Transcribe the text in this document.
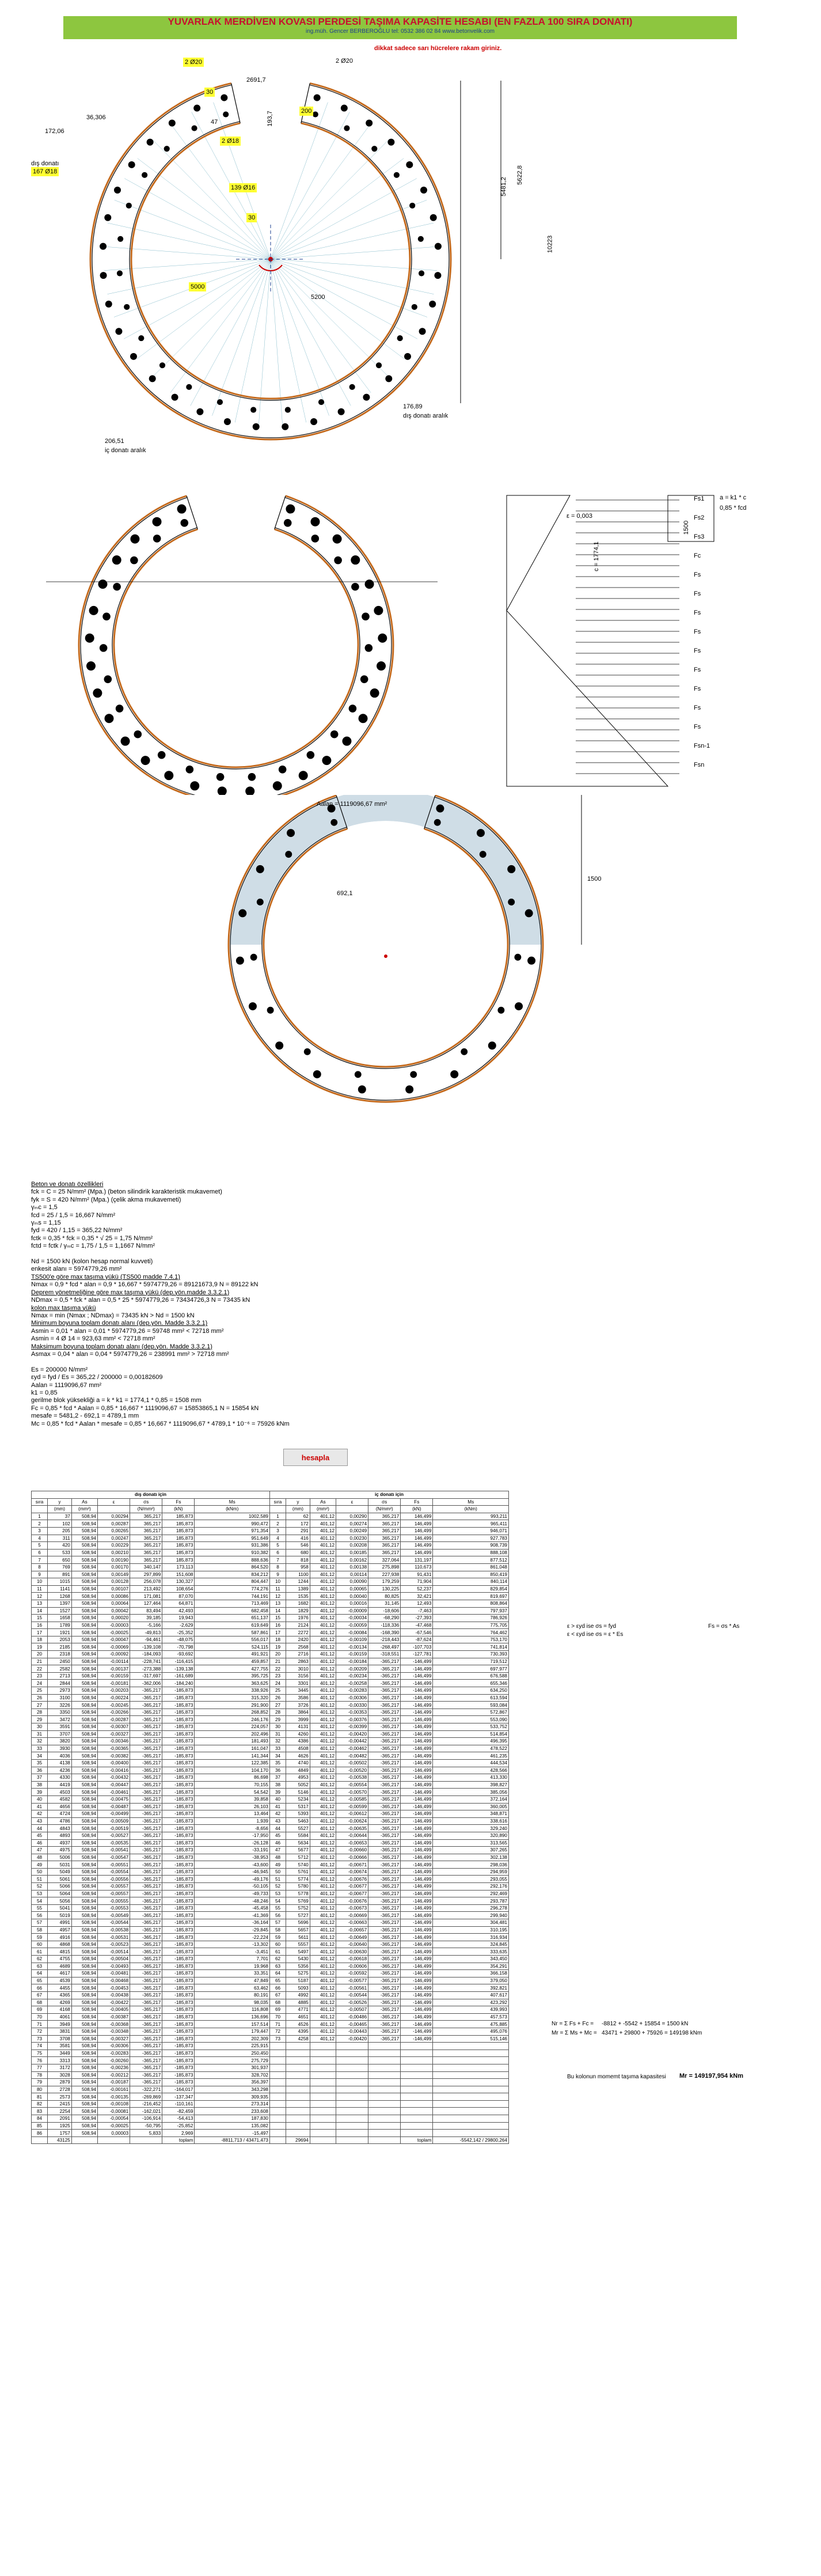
YUVARLAK MERDİVEN KOVASI PERDESİ TAŞIMA KAPASİTE HESABI (EN FAZLA 100 SIRA DONATI)
ing.müh. Gencer BERBEROĞLU tel: 0532 386 02 84 www.betonvelik.com
dikkat sadece sarı hücrelere rakam giriniz.
2 Ø20
30
200
2 Ø18
139 Ø16
30
5000
167 Ø18
2 Ø20
2691,7
36,306
47
172,06
dış donatı
193,7
5481,2
5622,8
10223
5200
176,89
dış donatı aralık
206,51
iç donatı aralık
a = k1 * c
0,85 * fcd
ε = 0,003
c = 1774,1
1500
Fs1
Fs2
Fs3
Fc
Fs
Fs
Fs
Fs
Fs
Fs
Fs
Fs
Fs
Fsn-1
Fsn
Aalan = 1119096,67 mm²
692,1
1500
Beton ve donatı özellikleri
fck = C = 25 N/mm² (Mpa.) (beton silindirik karakteristik mukavemet)
fyk = S = 420 N/mm² (Mpa.) (çelik akma mukavemeti)
γₘc = 1,5
fcd = 25 / 1,5 = 16,667 N/mm²
γₘs = 1,15
fyd = 420 / 1,15 = 365,22 N/mm²
fctk = 0,35 * fck = 0,35 * √ 25 = 1,75 N/mm²
fctd = fctk / γₘc = 1,75 / 1,5 = 1,1667 N/mm²

Nd = 1500 kN (kolon hesap normal kuvveti)
enkesit alanı = 5974779,26 mm²
TS500'e göre max taşıma yükü (TS500 madde 7.4.1)
Nmax = 0,9 * fcd * alan = 0,9 * 16,667 * 5974779,26 = 89121673,9 N = 89122 kN
Deprem yönetmeliğine göre max taşıma yükü (dep.yön.madde 3.3.2.1)
NDmax = 0,5 * fck * alan = 0,5 * 25 * 5974779,26 = 73434726,3 N = 73435 kN
kolon max taşıma yükü
Nmax = min (Nmax ; NDmax) = 73435 kN > Nd = 1500 kN
Minimum boyuna toplam donatı alanı (dep.yön. Madde 3.3.2.1)
Asmin = 0,01 * alan = 0,01 * 5974779,26 = 59748 mm² < 72718 mm²
Asmin = 4 Ø 14 = 923,63 mm² < 72718 mm²
Maksimum boyuna toplam donatı alanı (dep.yön. Madde 3.3.2.1)
Asmax = 0,04 * alan = 0,04 * 5974779,26 = 238991 mm² > 72718 mm²

Es = 200000 N/mm²
εyd = fyd / Es = 365,22 / 200000 = 0,00182609
Aalan = 1119096,67 mm²
k1 = 0,85
gerilme blok yüksekliği a = k * k1 = 1774,1 * 0,85 = 1508 mm
Fc = 0,85 * fcd * Aalan = 0,85 * 16,667 * 1119096,67 = 15853865,1 N = 15854 kN
mesafe = 5481,2 - 692,1 = 4789,1 mm
Mc = 0,85 * fcd * Aalan * mesafe = 0,85 * 16,667 * 1119096,67 * 4789,1 * 10⁻⁶ = 75926 kNm
hesapla
dış donatı için							iç donatı için						
sıra	y	As	ε	σs	Fs	Ms	sıra	y	As	ε	σs	Fs	Ms
	(mm)	(mm²)		(N/mm²)	(kN)	(kNm)		(mm)	(mm²)		(N/mm²)	(kN)	(kNm)
1	37	508,94	0,00294	365,217	185,873	1002,589	1	62	401,12	0,00290	365,217	146,499	993,211
2	102	508,94	0,00287	365,217	185,873	990,472	2	172	401,12	0,00274	365,217	146,499	965,411
3	205	508,94	0,00265	365,217	185,873	971,354	3	291	401,12	0,00249	365,217	146,499	946,071
4	311	508,94	0,00247	365,217	185,873	951,649	4	416	401,12	0,00230	365,217	146,499	927,783
5	420	508,94	0,00229	365,217	185,873	931,386	5	546	401,12	0,00208	365,217	146,499	908,739
6	533	508,94	0,00210	365,217	185,873	910,382	6	680	401,12	0,00185	365,217	146,499	888,108
7	650	508,94	0,00190	365,217	185,873	888,636	7	818	401,12	0,00162	327,064	131,197	877,512
8	769	508,94	0,00170	340,147	173,113	864,520	8	958	401,12	0,00138	275,898	110,673	861,048
9	891	508,94	0,00149	297,899	151,608	834,212	9	1100	401,12	0,00114	227,938	91,431	850,419
10	1015	508,94	0,00128	256,078	130,327	804,447	10	1244	401,12	0,00090	179,259	71,904	840,114
11	1141	508,94	0,00107	213,492	108,654	774,276	11	1389	401,12	0,00065	130,225	52,237	829,854
12	1268	508,94	0,00086	171,081	87,070	744,191	12	1535	401,12	0,00040	80,825	32,421	819,697
13	1397	508,94	0,00064	127,464	64,871	713,469	13	1682	401,12	0,00016	31,145	12,493	808,864
14	1527	508,94	0,00042	83,494	42,493	682,458	14	1829	401,12	-0,00009	-18,606	-7,463	797,937
15	1658	508,94	0,00020	39,185	19,943	651,137	15	1976	401,12	-0,00034	-68,290	-27,393	786,926
16	1789	508,94	-0,00003	-5,166	-2,629	619,649	16	2124	401,12	-0,00059	-118,336	-47,468	775,705
17	1921	508,94	-0,00025	-49,813	-25,352	587,861	17	2272	401,12	-0,00084	-168,390	-67,546	764,462
18	2053	508,94	-0,00047	-94,461	-48,075	556,017	18	2420	401,12	-0,00109	-218,443	-87,624	753,170
19	2185	508,94	-0,00069	-139,108	-70,798	524,115	19	2568	401,12	-0,00134	-268,497	-107,703	741,814
20	2318	508,94	-0,00092	-184,093	-93,692	491,921	20	2716	401,12	-0,00159	-318,551	-127,781	730,393
21	2450	508,94	-0,00114	-228,741	-116,415	459,857	21	2863	401,12	-0,00184	-365,217	-146,499	719,512
22	2582	508,94	-0,00137	-273,388	-139,138	427,755	22	3010	401,12	-0,00209	-365,217	-146,499	697,977
23	2713	508,94	-0,00159	-317,697	-161,689	395,725	23	3156	401,12	-0,00234	-365,217	-146,499	676,588
24	2844	508,94	-0,00181	-362,006	-184,240	363,625	24	3301	401,12	-0,00258	-365,217	-146,499	655,346
25	2973	508,94	-0,00203	-365,217	-185,873	338,926	25	3445	401,12	-0,00283	-365,217	-146,499	634,250
26	3100	508,94	-0,00224	-365,217	-185,873	315,320	26	3586	401,12	-0,00306	-365,217	-146,499	613,594
27	3226	508,94	-0,00245	-365,217	-185,873	291,900	27	3726	401,12	-0,00330	-365,217	-146,499	593,084
28	3350	508,94	-0,00266	-365,217	-185,873	268,852	28	3864	401,12	-0,00353	-365,217	-146,499	572,867
29	3472	508,94	-0,00287	-365,217	-185,873	246,176	29	3999	401,12	-0,00376	-365,217	-146,499	553,090
30	3591	508,94	-0,00307	-365,217	-185,873	224,057	30	4131	401,12	-0,00399	-365,217	-146,499	533,752
31	3707	508,94	-0,00327	-365,217	-185,873	202,496	31	4260	401,12	-0,00420	-365,217	-146,499	514,854
32	3820	508,94	-0,00346	-365,217	-185,873	181,493	32	4386	401,12	-0,00442	-365,217	-146,499	496,395
33	3930	508,94	-0,00365	-365,217	-185,873	161,047	33	4508	401,12	-0,00462	-365,217	-146,499	478,522
34	4036	508,94	-0,00382	-365,217	-185,873	141,344	34	4626	401,12	-0,00482	-365,217	-146,499	461,235
35	4138	508,94	-0,00400	-365,217	-185,873	122,385	35	4740	401,12	-0,00502	-365,217	-146,499	444,534
36	4236	508,94	-0,00416	-365,217	-185,873	104,170	36	4849	401,12	-0,00520	-365,217	-146,499	428,566
37	4330	508,94	-0,00432	-365,217	-185,873	86,698	37	4953	401,12	-0,00538	-365,217	-146,499	413,330
38	4419	508,94	-0,00447	-365,217	-185,873	70,155	38	5052	401,12	-0,00554	-365,217	-146,499	398,827
39	4503	508,94	-0,00461	-365,217	-185,873	54,542	39	5146	401,12	-0,00570	-365,217	-146,499	385,056
40	4582	508,94	-0,00475	-365,217	-185,873	39,858	40	5234	401,12	-0,00585	-365,217	-146,499	372,164
41	4656	508,94	-0,00487	-365,217	-185,873	26,103	41	5317	401,12	-0,00599	-365,217	-146,499	360,005
42	4724	508,94	-0,00499	-365,217	-185,873	13,464	42	5393	401,12	-0,00612	-365,217	-146,499	348,871
43	4786	508,94	-0,00509	-365,217	-185,873	1,939	43	5463	401,12	-0,00624	-365,217	-146,499	338,616
44	4843	508,94	-0,00519	-365,217	-185,873	-8,656	44	5527	401,12	-0,00635	-365,217	-146,499	329,240
45	4893	508,94	-0,00527	-365,217	-185,873	-17,950	45	5584	401,12	-0,00644	-365,217	-146,499	320,890
46	4937	508,94	-0,00535	-365,217	-185,873	-26,128	46	5634	401,12	-0,00653	-365,217	-146,499	313,565
47	4975	508,94	-0,00541	-365,217	-185,873	-33,191	47	5677	401,12	-0,00660	-365,217	-146,499	307,265
48	5006	508,94	-0,00547	-365,217	-185,873	-38,953	48	5712	401,12	-0,00666	-365,217	-146,499	302,138
49	5031	508,94	-0,00551	-365,217	-185,873	-43,600	49	5740	401,12	-0,00671	-365,217	-146,499	298,036
50	5049	508,94	-0,00554	-365,217	-185,873	-46,945	50	5761	401,12	-0,00674	-365,217	-146,499	294,959
51	5061	508,94	-0,00556	-365,217	-185,873	-49,176	51	5774	401,12	-0,00676	-365,217	-146,499	293,055
52	5066	508,94	-0,00557	-365,217	-185,873	-50,105	52	5780	401,12	-0,00677	-365,217	-146,499	292,176
53	5064	508,94	-0,00557	-365,217	-185,873	-49,733	53	5778	401,12	-0,00677	-365,217	-146,499	292,469
54	5056	508,94	-0,00555	-365,217	-185,873	-48,246	54	5769	401,12	-0,00676	-365,217	-146,499	293,787
55	5041	508,94	-0,00553	-365,217	-185,873	-45,458	55	5752	401,12	-0,00673	-365,217	-146,499	296,278
56	5019	508,94	-0,00549	-365,217	-185,873	-41,369	56	5727	401,12	-0,00669	-365,217	-146,499	299,940
57	4991	508,94	-0,00544	-365,217	-185,873	-36,164	57	5696	401,12	-0,00663	-365,217	-146,499	304,481
58	4957	508,94	-0,00538	-365,217	-185,873	-29,845	58	5657	401,12	-0,00657	-365,217	-146,499	310,195
59	4916	508,94	-0,00531	-365,217	-185,873	-22,224	59	5611	401,12	-0,00649	-365,217	-146,499	316,934
60	4868	508,94	-0,00523	-365,217	-185,873	-13,302	60	5557	401,12	-0,00640	-365,217	-146,499	324,845
61	4815	508,94	-0,00514	-365,217	-185,873	-3,451	61	5497	401,12	-0,00630	-365,217	-146,499	333,635
62	4755	508,94	-0,00504	-365,217	-185,873	7,701	62	5430	401,12	-0,00618	-365,217	-146,499	343,450
63	4689	508,94	-0,00493	-365,217	-185,873	19,968	63	5356	401,12	-0,00606	-365,217	-146,499	354,291
64	4617	508,94	-0,00481	-365,217	-185,873	33,351	64	5275	401,12	-0,00592	-365,217	-146,499	366,158
65	4539	508,94	-0,00468	-365,217	-185,873	47,849	65	5187	401,12	-0,00577	-365,217	-146,499	379,050
66	4455	508,94	-0,00453	-365,217	-185,873	63,462	66	5093	401,12	-0,00561	-365,217	-146,499	392,821
67	4365	508,94	-0,00438	-365,217	-185,873	80,191	67	4992	401,12	-0,00544	-365,217	-146,499	407,617
68	4269	508,94	-0,00422	-365,217	-185,873	98,035	68	4885	401,12	-0,00526	-365,217	-146,499	423,292
69	4168	508,94	-0,00405	-365,217	-185,873	116,808	69	4771	401,12	-0,00507	-365,217	-146,499	439,993
70	4061	508,94	-0,00387	-365,217	-185,873	136,696	70	4651	401,12	-0,00486	-365,217	-146,499	457,573
71	3949	508,94	-0,00368	-365,217	-185,873	157,514	71	4526	401,12	-0,00465	-365,217	-146,499	475,885
72	3831	508,94	-0,00348	-365,217	-185,873	179,447	72	4395	401,12	-0,00443	-365,217	-146,499	495,076
73	3708	508,94	-0,00327	-365,217	-185,873	202,309	73	4258	401,12	-0,00420	-365,217	-146,499	515,146
74	3581	508,94	-0,00306	-365,217	-185,873	225,915							
75	3449	508,94	-0,00283	-365,217	-185,873	250,450							
76	3313	508,94	-0,00260	-365,217	-185,873	275,729							
77	3172	508,94	-0,00236	-365,217	-185,873	301,937							
78	3028	508,94	-0,00212	-365,217	-185,873	328,702							
79	2879	508,94	-0,00187	-365,217	-185,873	356,397							
80	2728	508,94	-0,00161	-322,271	-164,017	343,298							
81	2573	508,94	-0,00135	-269,869	-137,347	309,935							
82	2415	508,94	-0,00108	-216,452	-110,161	273,314							
83	2254	508,94	-0,00081	-162,021	-82,459	233,608							
84	2091	508,94	-0,00054	-106,914	-54,413	187,830							
85	1925	508,94	-0,00025	-50,795	-25,852	135,082							
86	1757	508,94	0,00003	5,833	2,969	-15,497							
	43125				toplam	-8811,713 / 43471,473		29694				toplam	-5542,142 / 29800,264
ε > εyd ise σs = fyd
ε < εyd ise σs = ε * Es
Fs = σs * As
Nr = Σ Fs + Fc = -8812 + -5542 + 15854 = 1500 kN
Mr = Σ Ms + Mc = 43471 + 29800 + 75926 = 149198 kNm
Bu kolonun momemt taşıma kapasitesi Mr = 149197,954 kNm
